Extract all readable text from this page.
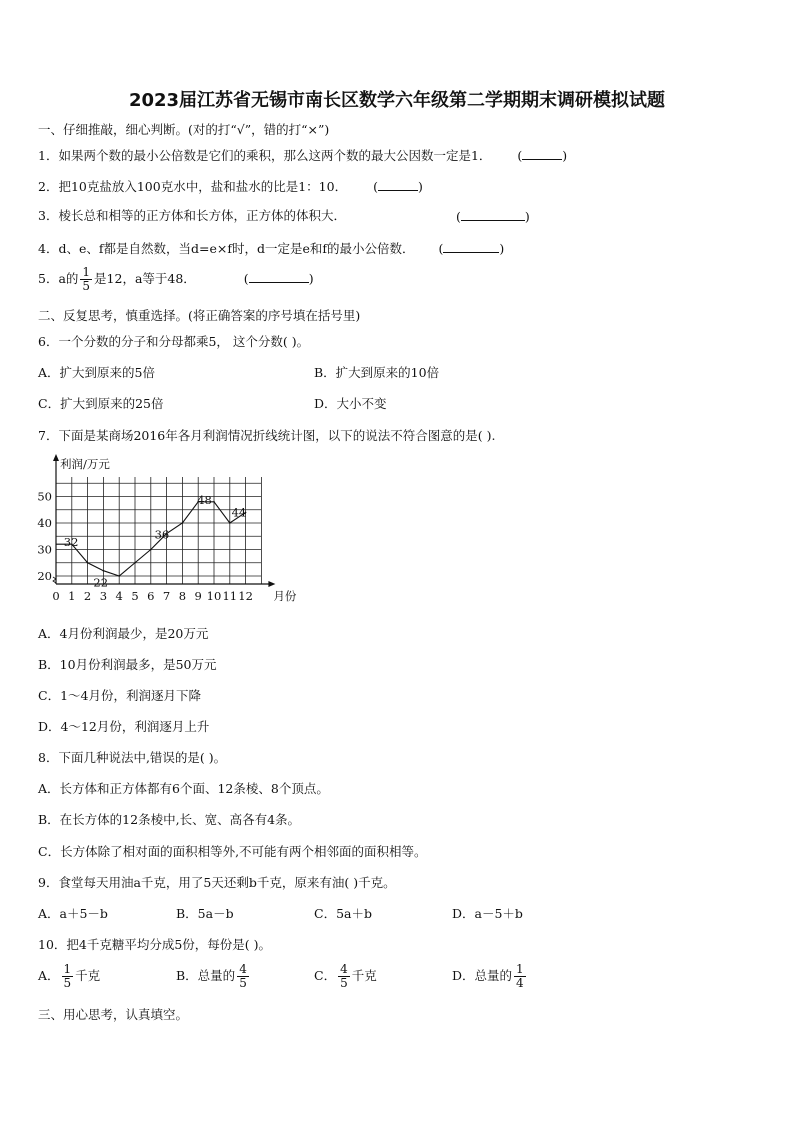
2023届江苏省无锡市南长区数学六年级第二学期期末调研模拟试题
一、仔细推敲，细心判断。(对的打“√”，错的打“×”)
1．如果两个数的最小公倍数是它们的乘积，那么这两个数的最大公因数一定是1． (	)
2．把10克盐放入100克水中，盐和盐水的比是1：10． (	)
3．棱长总和相等的正方体和长方体，正方体的体积大．	(	)
4．d、e、f都是自然数，当d=e×f时，d一定是e和f的最小公倍数． (	)
5．a的 $\frac{1}{5}$ 是12，a等于48．	(	)
二、反复思考，慎重选择。(将正确答案的序号填在括号里)
6．一个分数的分子和分母都乘5， 这个分数( )。
A．扩大到原来的5倍	B．扩大到原来的10倍
C．扩大到原来的25倍	D．大小不变
7．下面是某商场2016年各月利润情况折线统计图，以下的说法不符合图意的是( ).
利润/万元
月份
0 1 2 3 4 5 6 7 8 9 10 11 12
20
30
40
50
32
22
36
48
44
A．4月份利润最少，是20万元
B．10月份利润最多，是50万元
C．1～4月份，利润逐月下降
D．4～12月份，利润逐月上升
8．下面几种说法中,错误的是( )。
A．长方体和正方体都有6个面、12条棱、8个顶点。
B．在长方体的12条棱中,长、宽、高各有4条。
C．长方体除了相对面的面积相等外,不可能有两个相邻面的面积相等。
9．食堂每天用油a千克，用了5天还剩b千克，原来有油( )千克。
A．a＋5－b	B．5a－b	C．5a＋b	D．a－5＋b
10．把4千克糖平均分成5份，每份是( )。
A． $\frac{1}{5}$ 千克	B．总量的 $\frac{4}{5}$	C． $\frac{4}{5}$ 千克	D．总量的 $\frac{1}{4}$
三、用心思考，认真填空。
